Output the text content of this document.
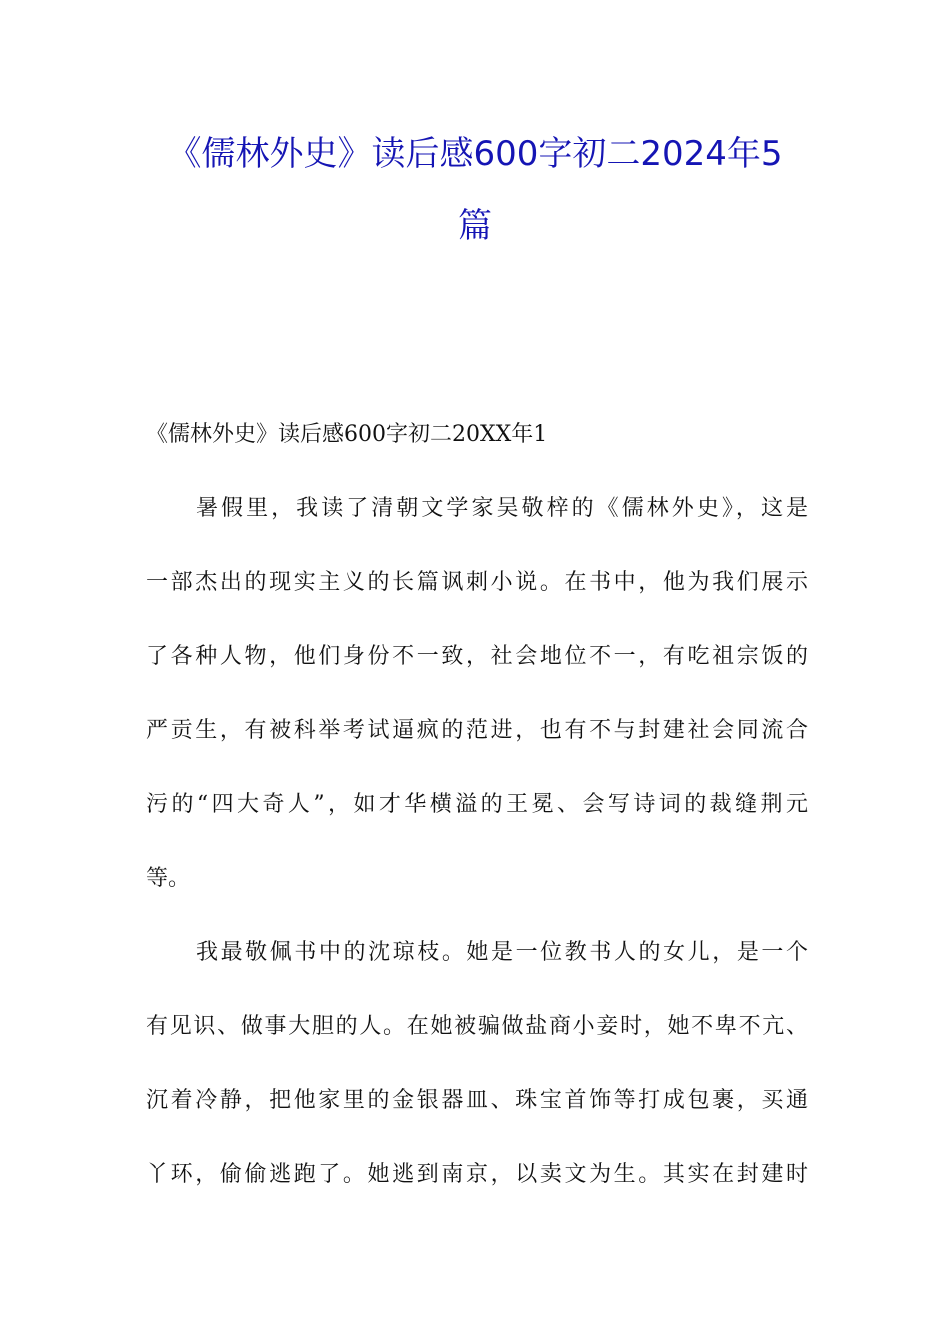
《儒林外史》读后感600字初二2024年5
篇

《儒林外史》读后感600字初二20XX年1

暑假里，我读了清朝文学家吴敬梓的《儒林外史》，这是

一部杰出的现实主义的长篇讽刺小说。在书中，他为我们展示

了各种人物，他们身份不一致，社会地位不一，有吃祖宗饭的

严贡生，有被科举考试逼疯的范进，也有不与封建社会同流合

污的“四大奇人”，如才华横溢的王冕、会写诗词的裁缝荆元

等。

我最敬佩书中的沈琼枝。她是一位教书人的女儿，是一个

有见识、做事大胆的人。在她被骗做盐商小妾时，她不卑不亢、

沉着冷静，把他家里的金银器皿、珠宝首饰等打成包裹，买通

丫环，偷偷逃跑了。她逃到南京，以卖文为生。其实在封建时
